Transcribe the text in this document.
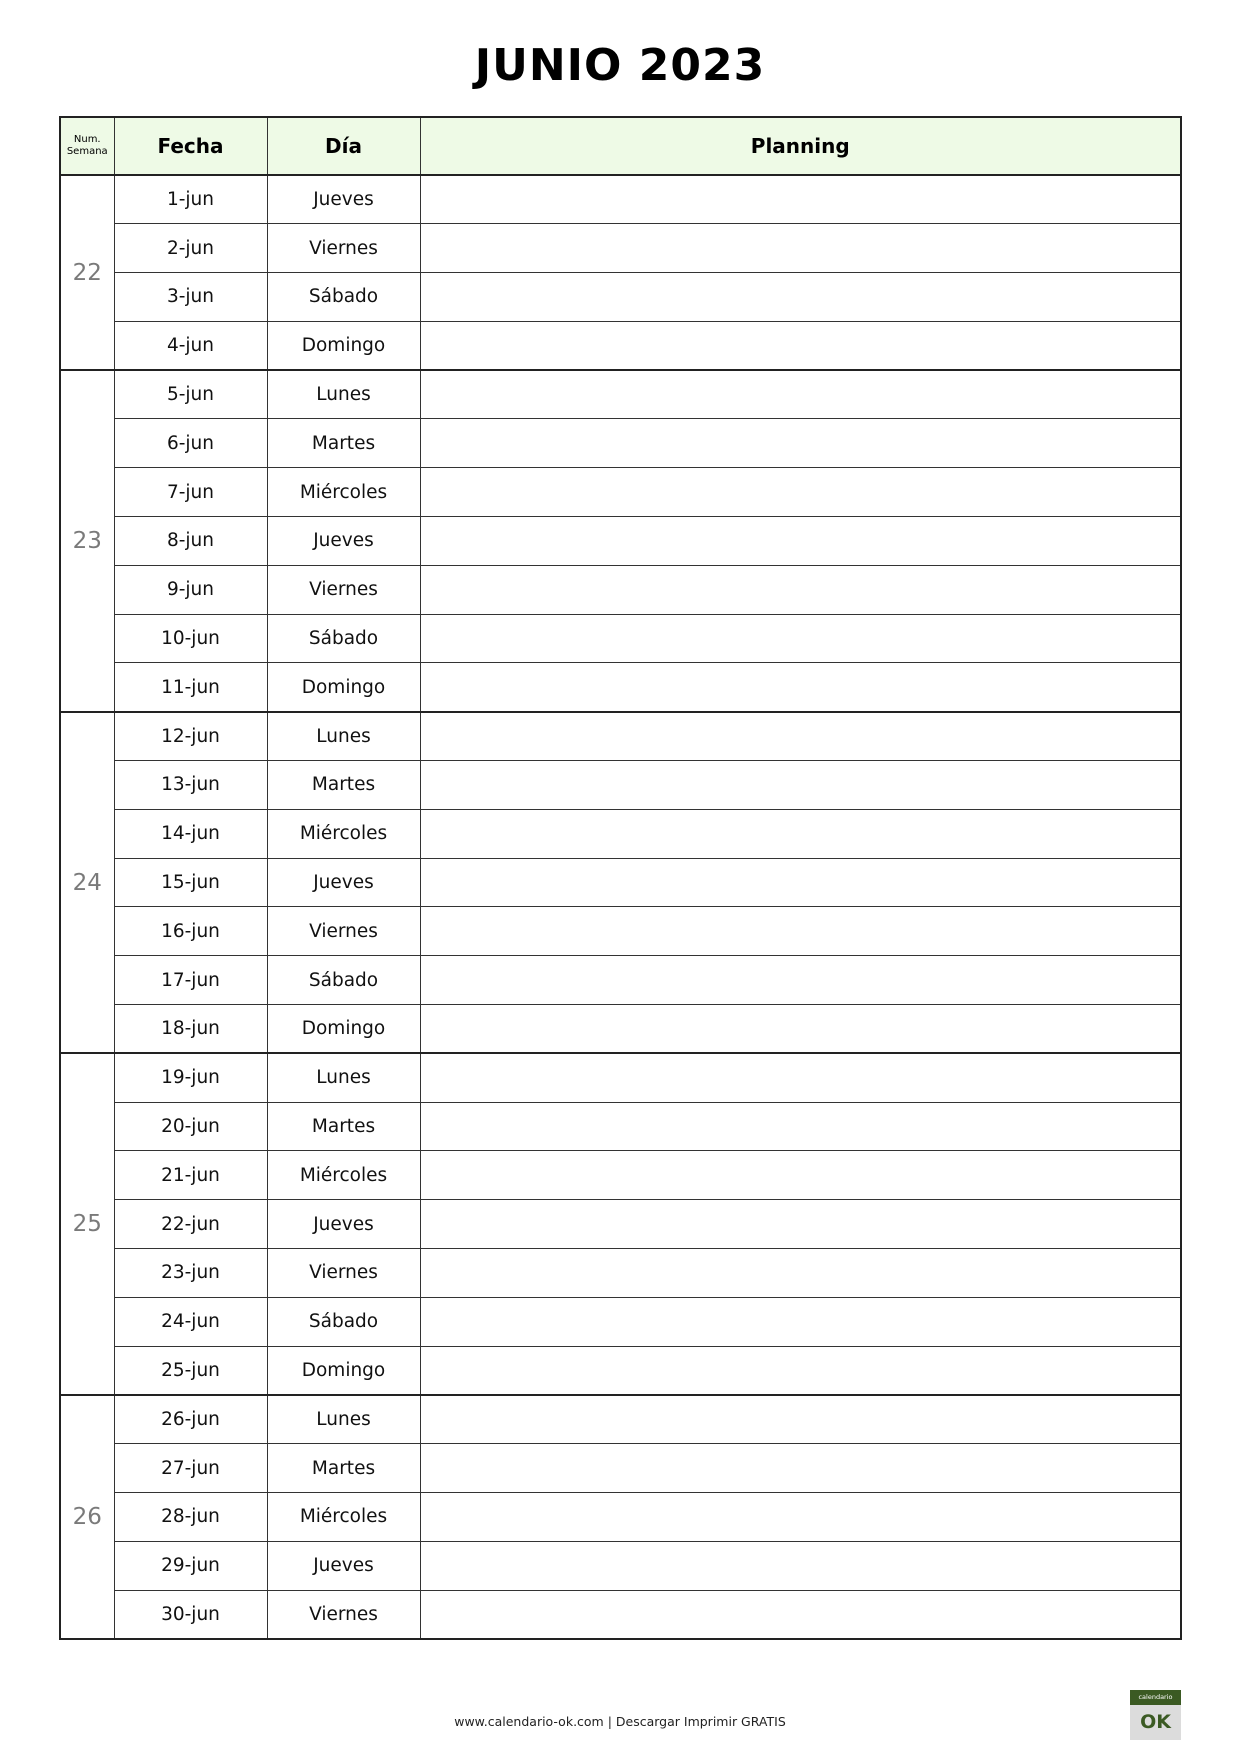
JUNIO 2023
Num.
Semana	Fecha	Día	Planning
22	1-jun	Jueves	
	2-jun	Viernes	
	3-jun	Sábado	
	4-jun	Domingo	
23	5-jun	Lunes	
	6-jun	Martes	
	7-jun	Miércoles	
	8-jun	Jueves	
	9-jun	Viernes	
	10-jun	Sábado	
	11-jun	Domingo	
24	12-jun	Lunes	
	13-jun	Martes	
	14-jun	Miércoles	
	15-jun	Jueves	
	16-jun	Viernes	
	17-jun	Sábado	
	18-jun	Domingo	
25	19-jun	Lunes	
	20-jun	Martes	
	21-jun	Miércoles	
	22-jun	Jueves	
	23-jun	Viernes	
	24-jun	Sábado	
	25-jun	Domingo	
26	26-jun	Lunes	
	27-jun	Martes	
	28-jun	Miércoles	
	29-jun	Jueves	
	30-jun	Viernes	
www.calendario-ok.com | Descargar Imprimir GRATIS
calendario
OK
